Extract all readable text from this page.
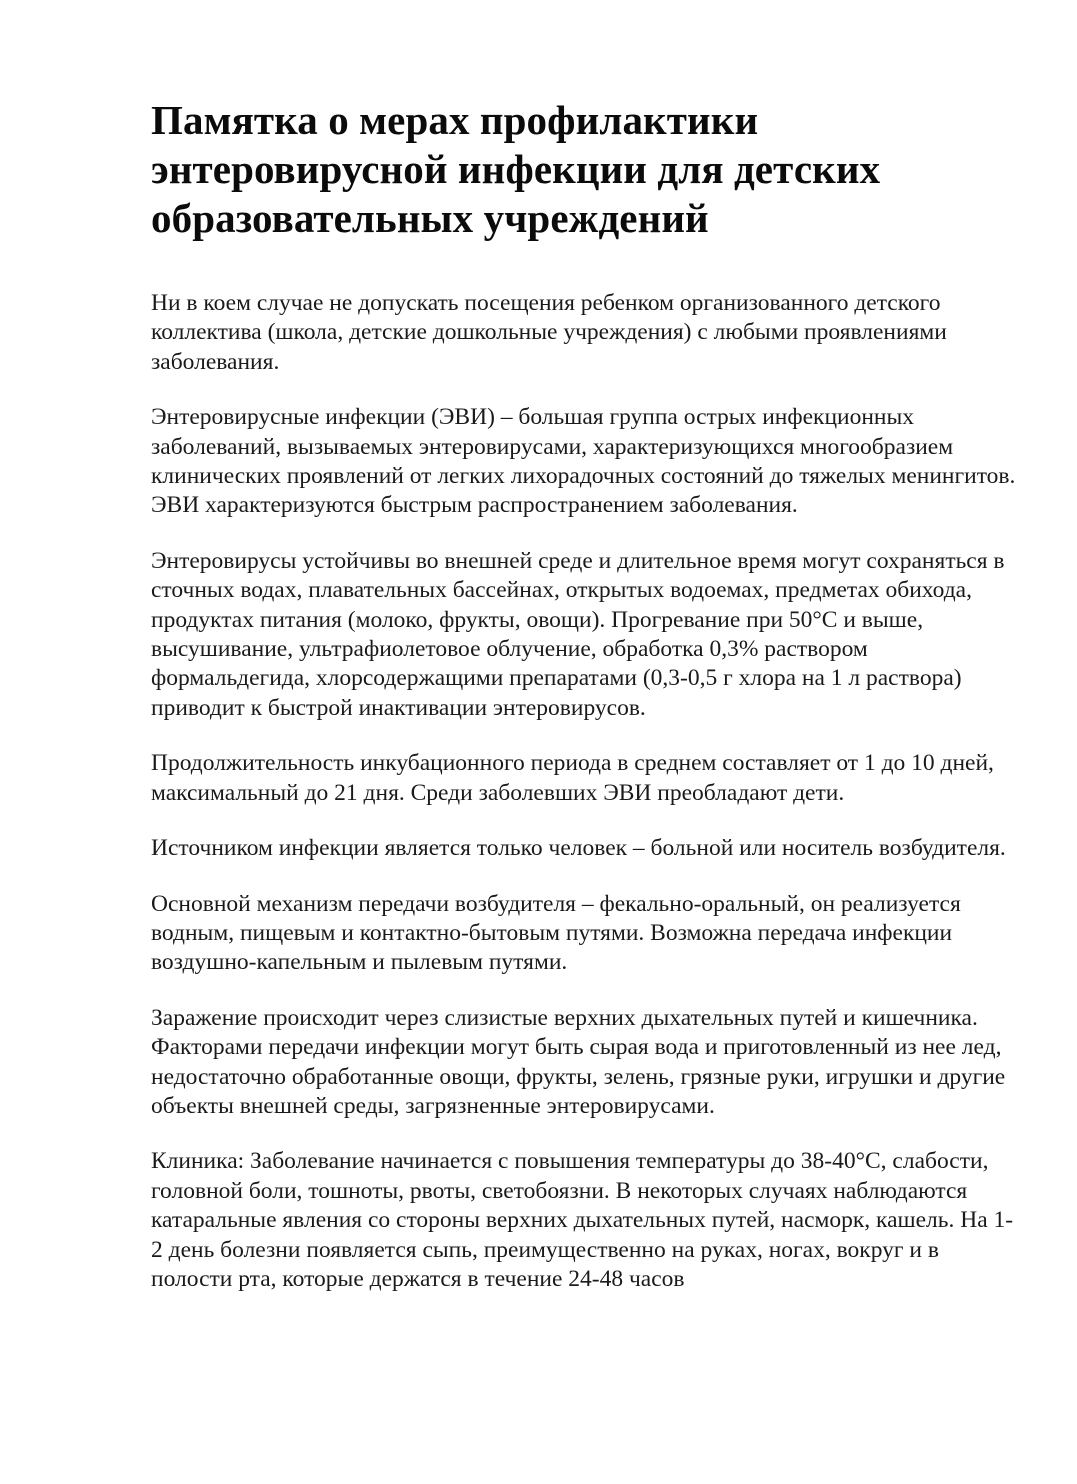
Памятка о мерах профилактики энтеровирусной инфекции для детских образовательных учреждений

Ни в коем случае не допускать посещения ребенком организованного детского коллектива (школа, детские дошкольные учреждения) с любыми проявлениями заболевания.

Энтеровирусные инфекции (ЭВИ) – большая группа острых инфекционных заболеваний, вызываемых энтеровирусами, характеризующихся многообразием клинических проявлений от легких лихорадочных состояний до тяжелых менингитов. ЭВИ характеризуются быстрым распространением заболевания.

Энтеровирусы устойчивы во внешней среде и длительное время могут сохраняться в сточных водах, плавательных бассейнах, открытых водоемах, предметах обихода, продуктах питания (молоко, фрукты, овощи). Прогревание при 50°С и выше, высушивание, ультрафиолетовое облучение, обработка 0,3% раствором формальдегида, хлорсодержащими препаратами (0,3-0,5 г хлора на 1 л раствора) приводит к быстрой инактивации энтеровирусов.

Продолжительность инкубационного периода в среднем составляет от 1 до 10 дней, максимальный до 21 дня. Среди заболевших ЭВИ преобладают дети.

Источником инфекции является только человек – больной или носитель возбудителя.

Основной механизм передачи возбудителя – фекально-оральный, он реализуется водным, пищевым и контактно-бытовым путями. Возможна передача инфекции воздушно-капельным и пылевым путями.

Заражение происходит через слизистые верхних дыхательных путей и кишечника. Факторами передачи инфекции могут быть сырая вода и приготовленный из нее лед, недостаточно обработанные овощи, фрукты, зелень, грязные руки, игрушки и другие объекты внешней среды, загрязненные энтеровирусами.

Клиника: Заболевание начинается с повышения температуры до 38-40°С, слабости, головной боли, тошноты, рвоты, светобоязни. В некоторых случаях наблюдаются катаральные явления со стороны верхних дыхательных путей, насморк, кашель. На 1-2 день болезни появляется сыпь, преимущественно на руках, ногах, вокруг и в полости рта, которые держатся в течение 24-48 часов
